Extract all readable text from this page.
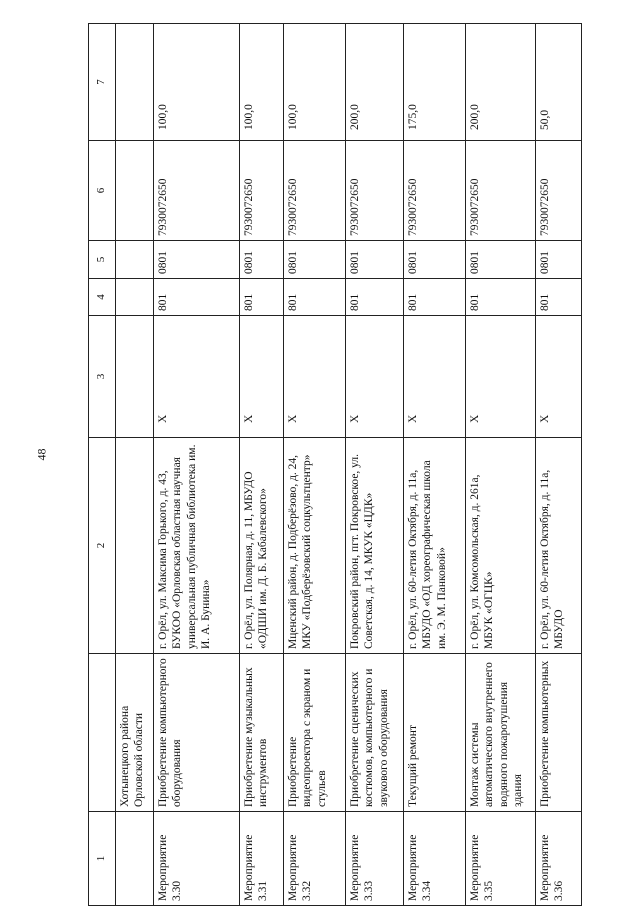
48
1		2	3	4	5	6	7
	Хотынецкого района Орловской области						
Мероприятие 3.30	Приобретение компьютерного оборудования	г. Орёл, ул. Максима Горького, д. 43, БУКОО «Орловская областная научная универсальная публичная библиотека им. И. А. Бунина»	X	801	0801	7930072650	100,0
Мероприятие 3.31	Приобретение музыкальных инструментов	г. Орёл, ул. Полярная, д. 11, МБУДО «ОДШИ им. Д. Б. Кабалевского»	X	801	0801	7930072650	100,0
Мероприятие 3.32	Приобретение видеопроектора с экраном и стульев	Мценский район, д. Подберёзово, д. 24, МКУ «Подберёзовский соцкультцентр»	X	801	0801	7930072650	100,0
Мероприятие 3.33	Приобретение сценических костюмов, компьютерного и звукового оборудования	Покровский район, пгт. Покровское, ул. Советская, д. 14, МКУК «ЦДК»	X	801	0801	7930072650	200,0
Мероприятие 3.34	Текущий ремонт	г. Орёл, ул. 60-летия Октября, д. 11а, МБУДО «ОД хореографическая школа им. Э. М. Панковой»	X	801	0801	7930072650	175,0
Мероприятие 3.35	Монтаж системы автоматического внутреннего водяного пожаротушения здания	г. Орёл, ул. Комсомольская, д. 261а, МБУК «ОГЦК»	X	801	0801	7930072650	200,0
Мероприятие 3.36	Приобретение компьютерных	г. Орёл, ул. 60-летия Октября, д. 11а, МБУДО	X	801	0801	7930072650	50,0
